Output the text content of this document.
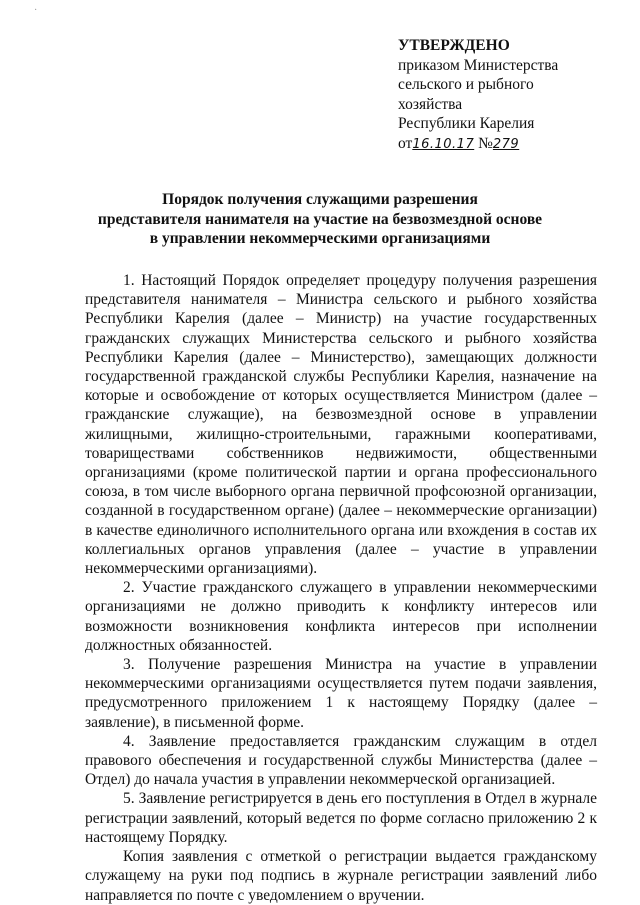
·
УТВЕРЖДЕНО
приказом Министерства
сельского и рыбного
хозяйства
Республики Карелия
от16.10.17 №279
Порядок получения служащими разрешения
представителя нанимателя на участие на безвозмездной основе
в управлении некоммерческими организациями

1. Настоящий Порядок определяет процедуру получения разрешения представителя нанимателя – Министра сельского и рыбного хозяйства Республики Карелия (далее – Министр) на участие государственных гражданских служащих Министерства сельского и рыбного хозяйства Республики Карелия (далее – Министерство), замещающих должности государственной гражданской службы Республики Карелия, назначение на которые и освобождение от которых осуществляется Министром (далее – гражданские служащие), на безвозмездной основе в управлении жилищными, жилищно-строительными, гаражными кооперативами, товариществами собственников недвижимости, общественными организациями (кроме политической партии и органа профессионального союза, в том числе выборного органа первичной профсоюзной организации, созданной в государственном органе) (далее – некоммерческие организации) в качестве единоличного исполнительного органа или вхождения в состав их коллегиальных органов управления (далее – участие в управлении некоммерческими организациями).

2. Участие гражданского служащего в управлении некоммерческими организациями не должно приводить к конфликту интересов или возможности возникновения конфликта интересов при исполнении должностных обязанностей.

3. Получение разрешения Министра на участие в управлении некоммерческими организациями осуществляется путем подачи заявления, предусмотренного приложением 1 к настоящему Порядку (далее – заявление), в письменной форме.

4. Заявление предоставляется гражданским служащим в отдел правового обеспечения и государственной службы Министерства (далее – Отдел) до начала участия в управлении некоммерческой организацией.

5. Заявление регистрируется в день его поступления в Отдел в журнале регистрации заявлений, который ведется по форме согласно приложению 2 к настоящему Порядку.

Копия заявления с отметкой о регистрации выдается гражданскому служащему на руки под подпись в журнале регистрации заявлений либо направляется по почте с уведомлением о вручении.
